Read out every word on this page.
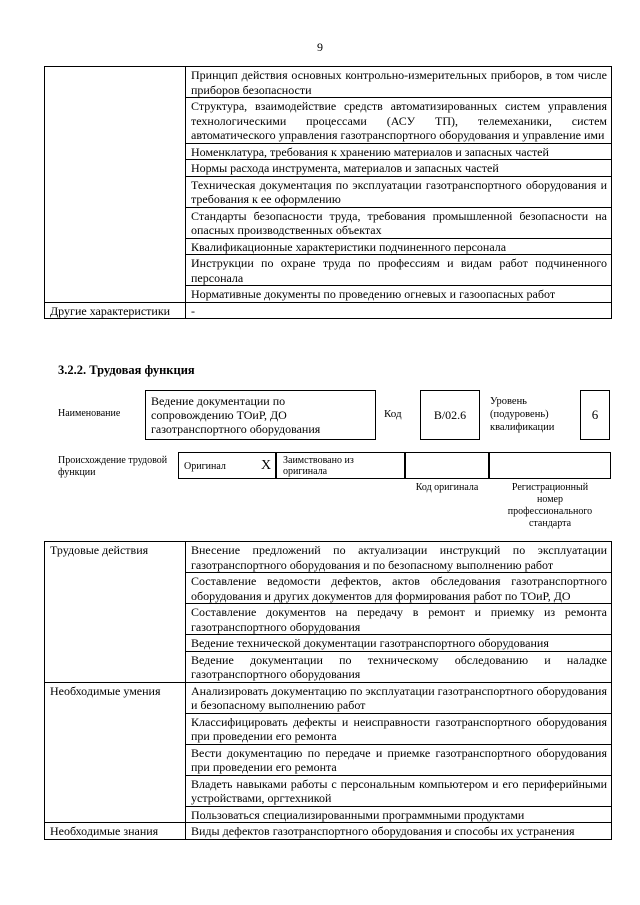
9
	Принцип действия основных контрольно-измерительных приборов, в том числе приборов безопасности
	Структура, взаимодействие средств автоматизированных систем управления технологическими процессами (АСУ ТП), телемеханики, систем автоматического управления газотранспортного оборудования и управление ими
	Номенклатура, требования к хранению материалов и запасных частей
	Нормы расхода инструмента, материалов и запасных частей
	Техническая документация по эксплуатации газотранспортного оборудования и требования к ее оформлению
	Стандарты безопасности труда, требования промышленной безопасности на опасных производственных объектах
	Квалификационные характеристики подчиненного персонала
	Инструкции по охране труда по профессиям и видам работ подчиненного персонала
	Нормативные документы по проведению огневых и газоопасных работ
Другие характеристики	-
3.2.2. Трудовая функция
Наименование
Ведение документации по сопровождению ТОиР, ДО газотранспортного оборудования
Код	B/02.6
Уровень (подуровень) квалификации
6
Происхождение трудовой функции
Оригинал	X Заимствовано из оригинала
Код оригинала	Регистрационный номер профессионального стандарта
Трудовые действия	Внесение предложений по актуализации инструкций по эксплуатации газотранспортного оборудования и по безопасному выполнению работ
	Составление ведомости дефектов, актов обследования газотранспортного оборудования и других документов для формирования работ по ТОиР, ДО
	Составление документов на передачу в ремонт и приемку из ремонта газотранспортного оборудования
	Ведение технической документации газотранспортного оборудования
	Ведение документации по техническому обследованию и наладке газотранспортного оборудования
Необходимые умения	Анализировать документацию по эксплуатации газотранспортного оборудования и безопасному выполнению работ
	Классифицировать дефекты и неисправности газотранспортного оборудования при проведении его ремонта
	Вести документацию по передаче и приемке газотранспортного оборудования при проведении его ремонта
	Владеть навыками работы с персональным компьютером и его периферийными устройствами, оргтехникой
	Пользоваться специализированными программными продуктами
Необходимые знания	Виды дефектов газотранспортного оборудования и способы их устранения
